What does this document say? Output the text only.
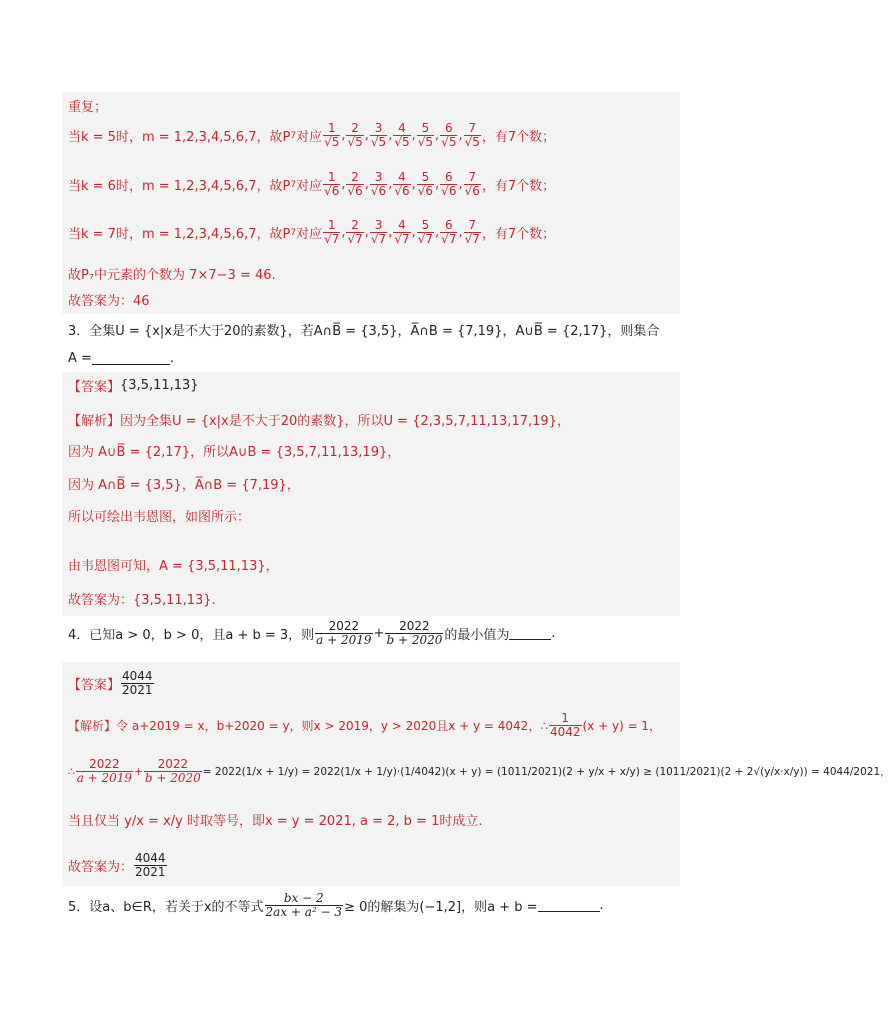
重复；
当k = 5时，m = 1,2,3,4,5,6,7，故P 7 对应 $\frac{1}{√5}$ , $\frac{2}{√5}$ , $\frac{3}{√5}$ , $\frac{4}{√5}$ , $\frac{5}{√5}$ , $\frac{6}{√5}$ , $\frac{7}{√5}$ ，有7个数；
当k = 6时，m = 1,2,3,4,5,6,7，故P 7 对应 $\frac{1}{√6}$ , $\frac{2}{√6}$ , $\frac{3}{√6}$ , $\frac{4}{√6}$ , $\frac{5}{√6}$ , $\frac{6}{√6}$ , $\frac{7}{√6}$ ，有7个数；
当k = 7时，m = 1,2,3,4,5,6,7，故P 7 对应 $\frac{1}{√7}$ , $\frac{2}{√7}$ , $\frac{3}{√7}$ , $\frac{4}{√7}$ , $\frac{5}{√7}$ , $\frac{6}{√7}$ , $\frac{7}{√7}$ ，有7个数；
故P₇中元素的个数为 7×7−3 = 46.
故答案为：46
3．全集U = {x|x是不大于20的素数}，若A∩B̅ = {3,5}，A̅∩B = {7,19}，A∪B̅̅̅̅̅ = {2,17}，则集合
A =	.
【答案】 {3,5,11,13}
【解析】 因为全集U = {x|x是不大于20的素数}，所以U = {2,3,5,7,11,13,17,19}，
因为 A∪B̅̅̅̅ = {2,17}，所以A∪B = {3,5,7,11,13,19}，
因为 A∩B̅ = {3,5}，A̅∩B = {7,19}，
所以可绘出韦恩图，如图所示：
由韦恩图可知，A = {3,5,11,13}，
故答案为：{3,5,11,13}.
4．已知a > 0，b > 0，且a + b = 3，则 $\frac{2022}{a + 2019} + \frac{2022}{b + 2020}$ 的最小值为	.
【答案】 $\frac{4044}{2021}$
【解析】 令 a+2019 = x，b+2020 = y，则x > 2019，y > 2020且x + y = 4042，∴ $\frac{1}{4042} (x + y) = 1$，
∴ $\frac{2022}{a + 2019} + \frac{2022}{b + 2020} = 2022(1/x + 1/y) = 2022(1/x + 1/y)\cdot(1/4042)(x + y) = (1011/2021)(2 + y/x + x/y) \ge (1011/2021)(2 + 2√(y/x\cdot x/y)) = 4044/2021$，
当且仅当 y/x = x/y 时取等号，即x = y = 2021, a = 2, b = 1时成立.
故答案为： $\frac{4044}{2021}$
5．设a、b∈R，若关于x的不等式 $\frac{bx - 2}{\text{2ax + a² − 3}} \ge 0$的解集为(−1,2]，则a + b =	.
